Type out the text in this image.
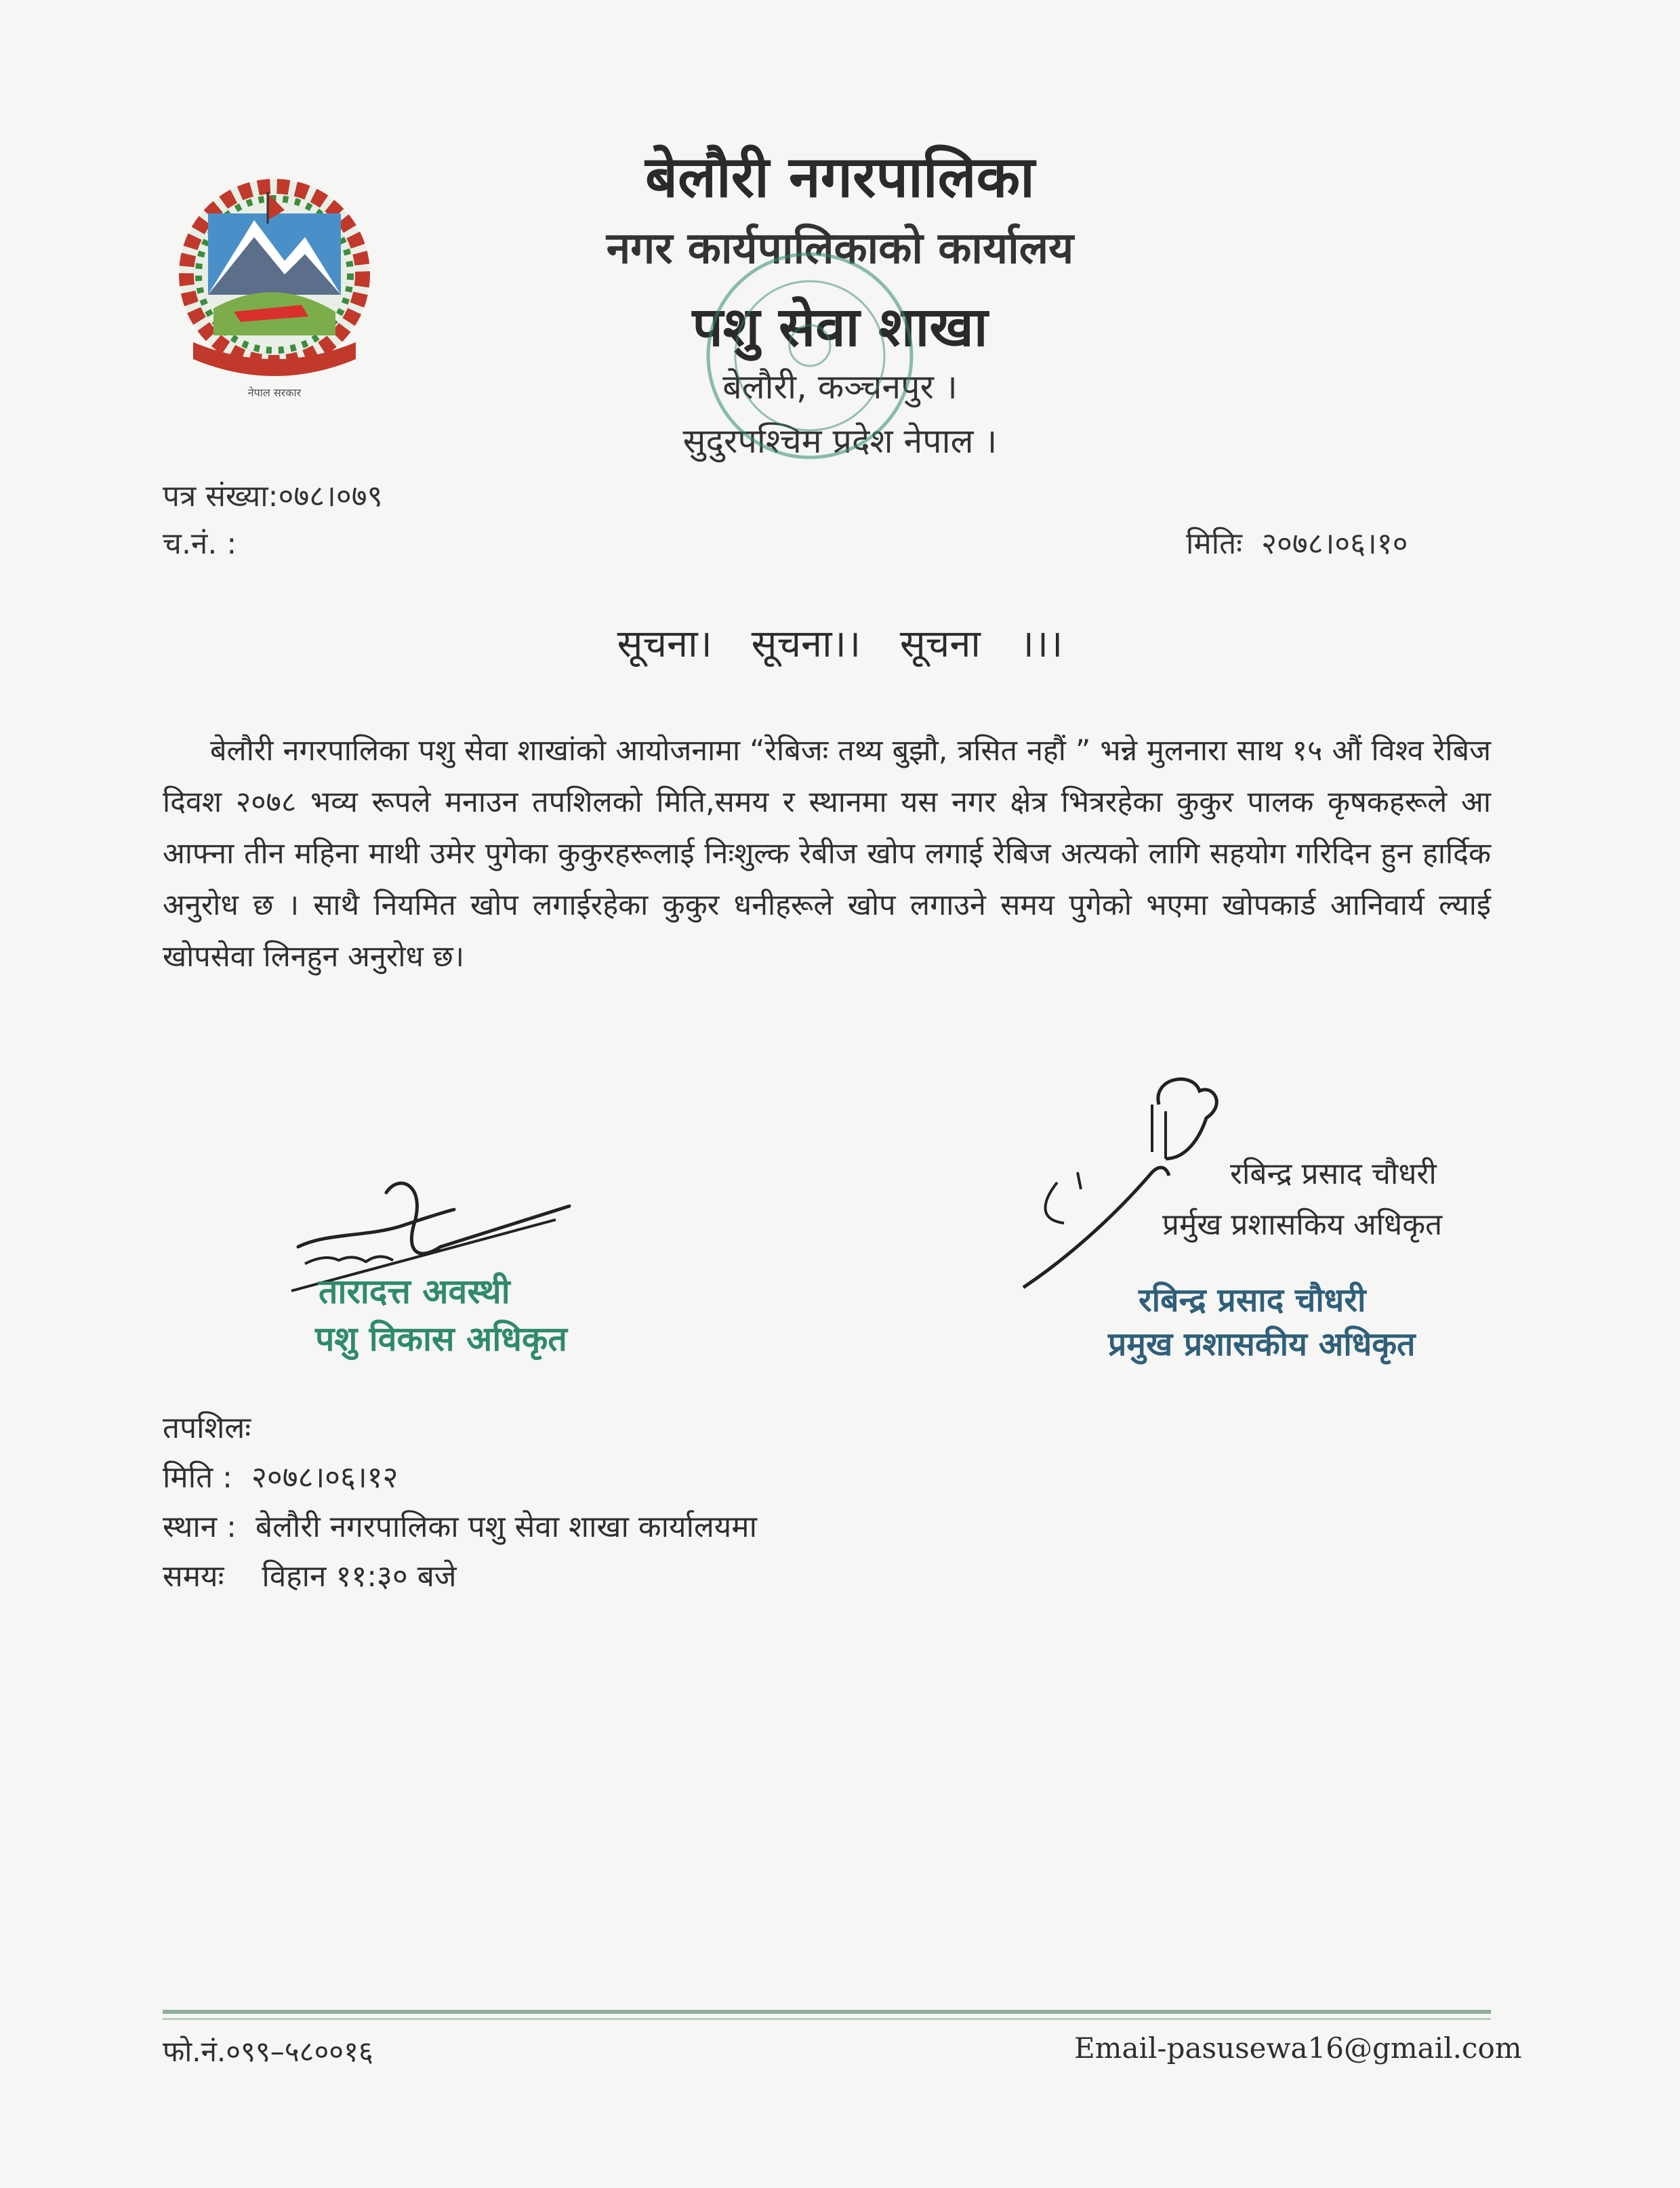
नेपाल सरकार
बेलौरी नगरपालिका
नगर कार्यपालिकाको कार्यालय
पशु सेवा शाखा
बेलौरी, कञ्चनपुर ।
सुदुरपश्चिम प्रदेश नेपाल ।
पत्र संख्या:०७८।०७९
च.नं. :	मितिः २०७८।०६।१०
सूचना। सूचना।। सूचना ।।।
बेलौरी नगरपालिका पशु सेवा शाखांको आयोजनामा “रेबिजः तथ्य बुझौ, त्रसित नहौं ” भन्ने मुलनारा साथ १५ औं विश्व रेबिज दिवश २०७८ भव्य रूपले मनाउन तपशिलको मिति,समय र स्थानमा यस नगर क्षेत्र भित्ररहेका कुकुर पालक कृषकहरूले आ आफ्ना तीन महिना माथी उमेर पुगेका कुकुरहरूलाई निःशुल्क रेबीज खोप लगाई रेबिज अत्यको लागि सहयोग गरिदिन हुन हार्दिक अनुरोध छ । साथै नियमित खोप लगाईरहेका कुकुर धनीहरूले खोप लगाउने समय पुगेको भएमा खोपकार्ड आनिवार्य ल्याई खोपसेवा लिनहुन अनुरोध छ।
तारादत्त अवस्थी
पशु विकास अधिकृत
रबिन्द्र प्रसाद चौधरी
प्रर्मुख प्रशासकिय अधिकृत
रबिन्द्र प्रसाद चौधरी
प्रमुख प्रशासकीय अधिकृत
तपशिलः
मिति : २०७८।०६।१२
स्थान : बेलौरी नगरपालिका पशु सेवा शाखा कार्यालयमा
समयः विहान ११:३० बजे
फो.नं.०९९–५८००१६	Email-pasusewa16@gmail.com
